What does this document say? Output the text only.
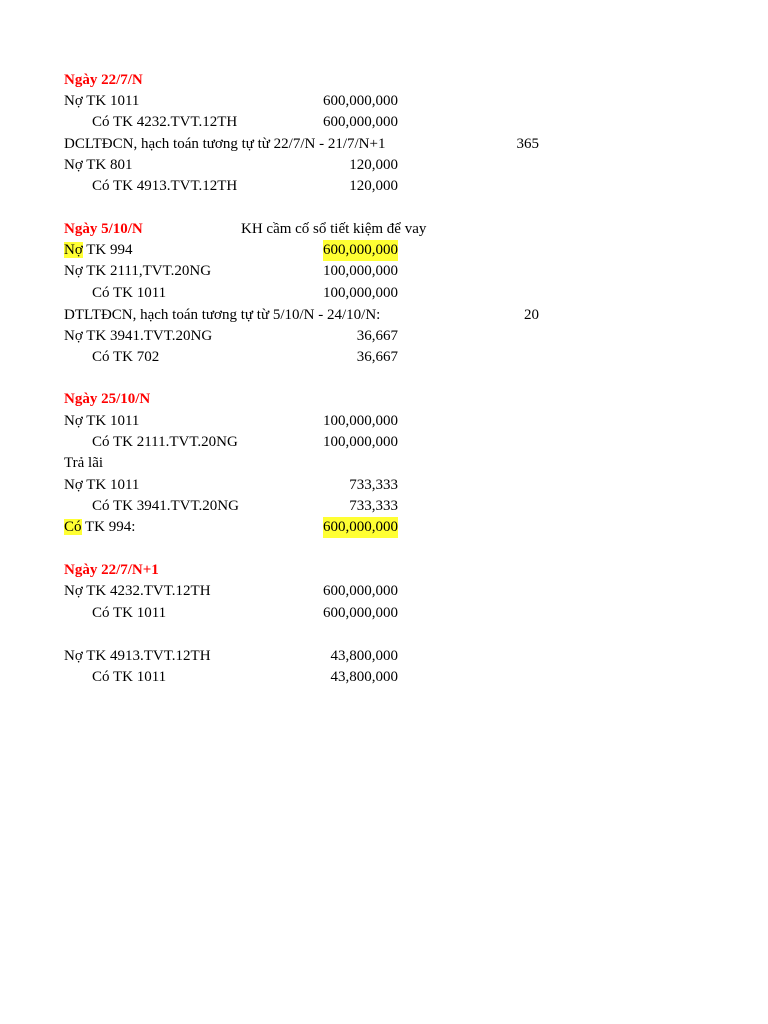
Ngày 22/7/N
Nợ TK 1011	600,000,000
Có TK 4232.TVT.12TH	600,000,000
DCLTĐCN, hạch toán tương tự từ 22/7/N - 21/7/N+1	365
Nợ TK 801	120,000
Có TK 4913.TVT.12TH	120,000
Ngày 5/10/N	KH cầm cố sổ tiết kiệm để vay
Nợ TK 994	600,000,000
Nợ TK 2111,TVT.20NG	100,000,000
Có TK 1011	100,000,000
DTLTĐCN, hạch toán tương tự từ 5/10/N - 24/10/N:	20
Nợ TK 3941.TVT.20NG	36,667
Có TK 702	36,667
Ngày 25/10/N
Nợ TK 1011	100,000,000
Có TK 2111.TVT.20NG	100,000,000
Trả lãi
Nợ TK 1011	733,333
Có TK 3941.TVT.20NG	733,333
Có TK 994:	600,000,000
Ngày 22/7/N+1
Nợ TK 4232.TVT.12TH	600,000,000
Có TK 1011	600,000,000
Nợ TK 4913.TVT.12TH	43,800,000
Có TK 1011	43,800,000
